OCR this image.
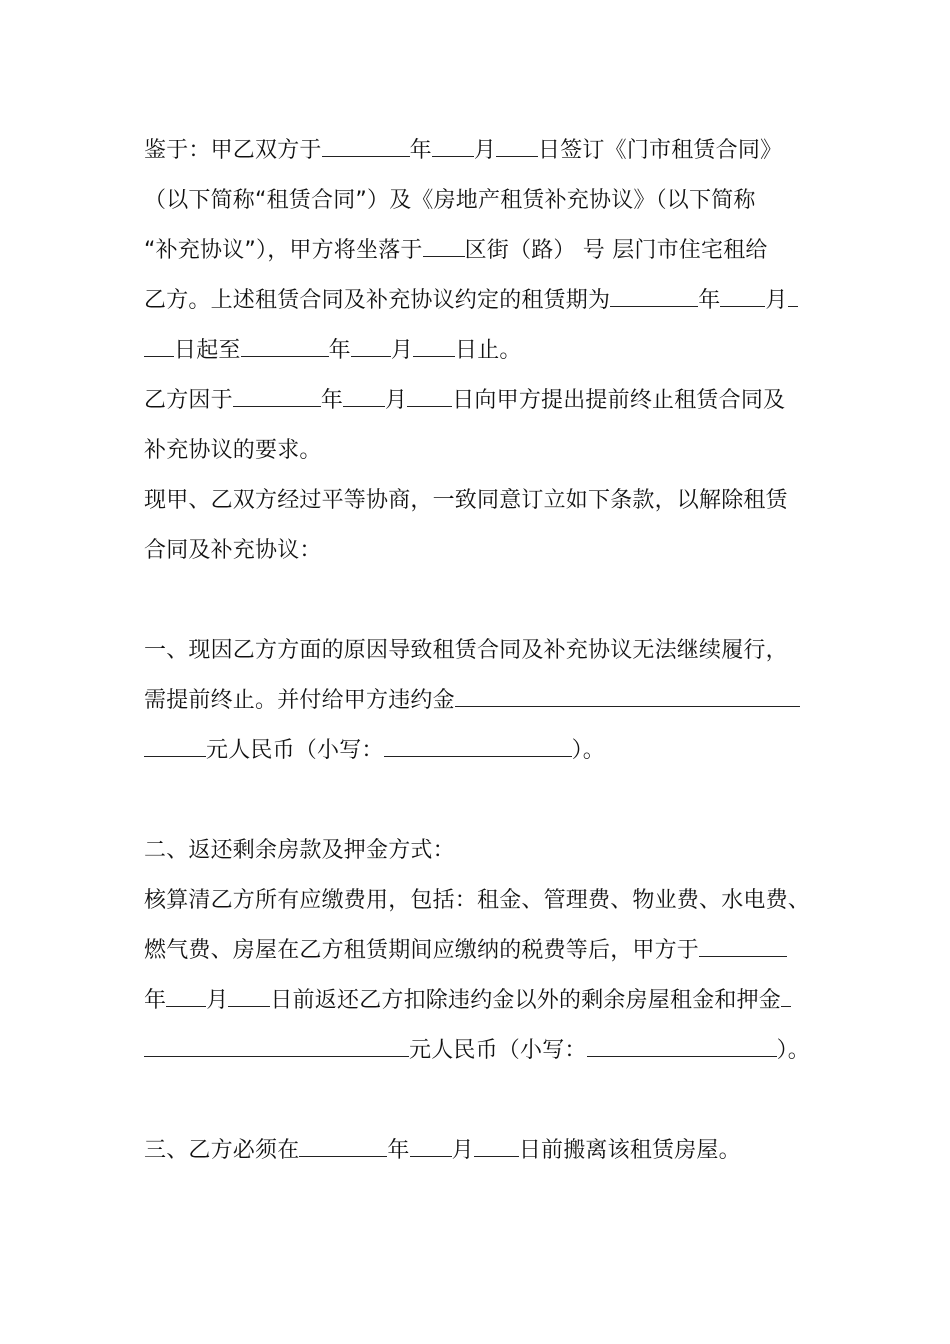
鉴于：甲乙双方于	年 月 日签订《门市租赁合同》
（以下简称“租赁合同”）及《房地产租赁补充协议》（以下简称
“补充协议”），甲方将坐落于 区街（路） 号 层门市住宅租给
乙方。上述租赁合同及补充协议约定的租赁期为	年 月
日起至	年 月 日止。
乙方因于	年 月 日向甲方提出提前终止租赁合同及
补充协议的要求。
现甲、乙双方经过平等协商，一致同意订立如下条款，以解除租赁
合同及补充协议：
一、现因乙方方面的原因导致租赁合同及补充协议无法继续履行，
需提前终止。并付给甲方违约金
元人民币（小写：	）。
二、返还剩余房款及押金方式：
核算清乙方所有应缴费用，包括：租金、管理费、物业费、水电费、
燃气费、房屋在乙方租赁期间应缴纳的税费等后，甲方于
年 月 日前返还乙方扣除违约金以外的剩余房屋租金和押金
元人民币（小写：	）。
三、乙方必须在	年 月 日前搬离该租赁房屋。
